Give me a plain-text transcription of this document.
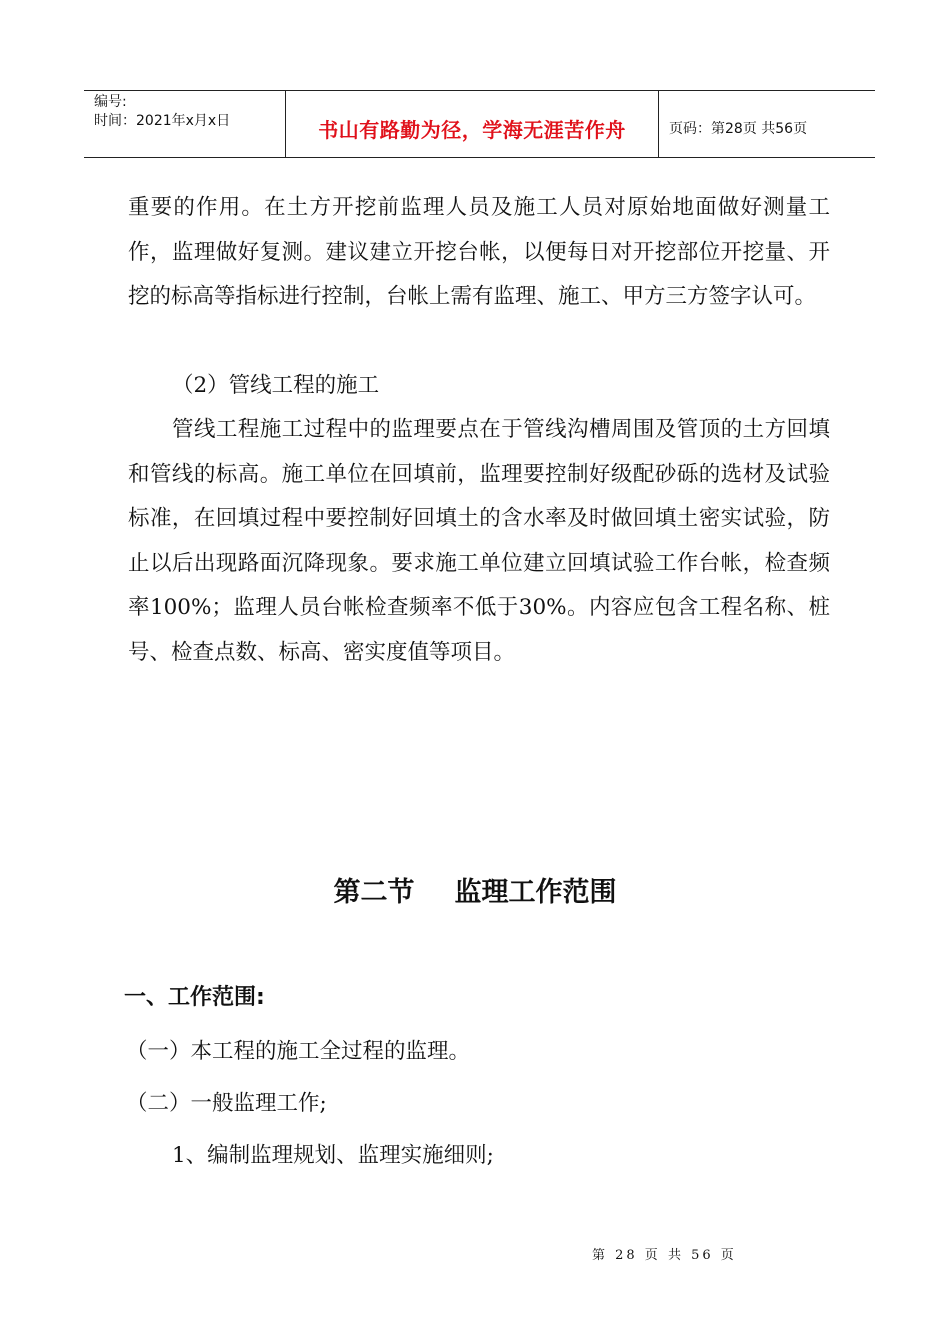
编号:
时间：2021年x月x日	书山有路勤为径，学海无涯苦作舟	页码：第28页 共56页

重要的作用。在土方开挖前监理人员及施工人员对原始地面做好测量工作，监理做好复测。建议建立开挖台帐，以便每日对开挖部位开挖量、开挖的标高等指标进行控制，台帐上需有监理、施工、甲方三方签字认可。

（2）管线工程的施工

管线工程施工过程中的监理要点在于管线沟槽周围及管顶的土方回填和管线的标高。施工单位在回填前，监理要控制好级配砂砾的选材及试验标准，在回填过程中要控制好回填土的含水率及时做回填土密实试验，防止以后出现路面沉降现象。要求施工单位建立回填试验工作台帐，检查频率100%；监理人员台帐检查频率不低于30%。内容应包含工程名称、桩号、检查点数、标高、密实度值等项目。

第二节 监理工作范围
一、工作范围:
（一）本工程的施工全过程的监理。
（二）一般监理工作;
1、编制监理规划、监理实施细则;
第 28 页 共 56 页
